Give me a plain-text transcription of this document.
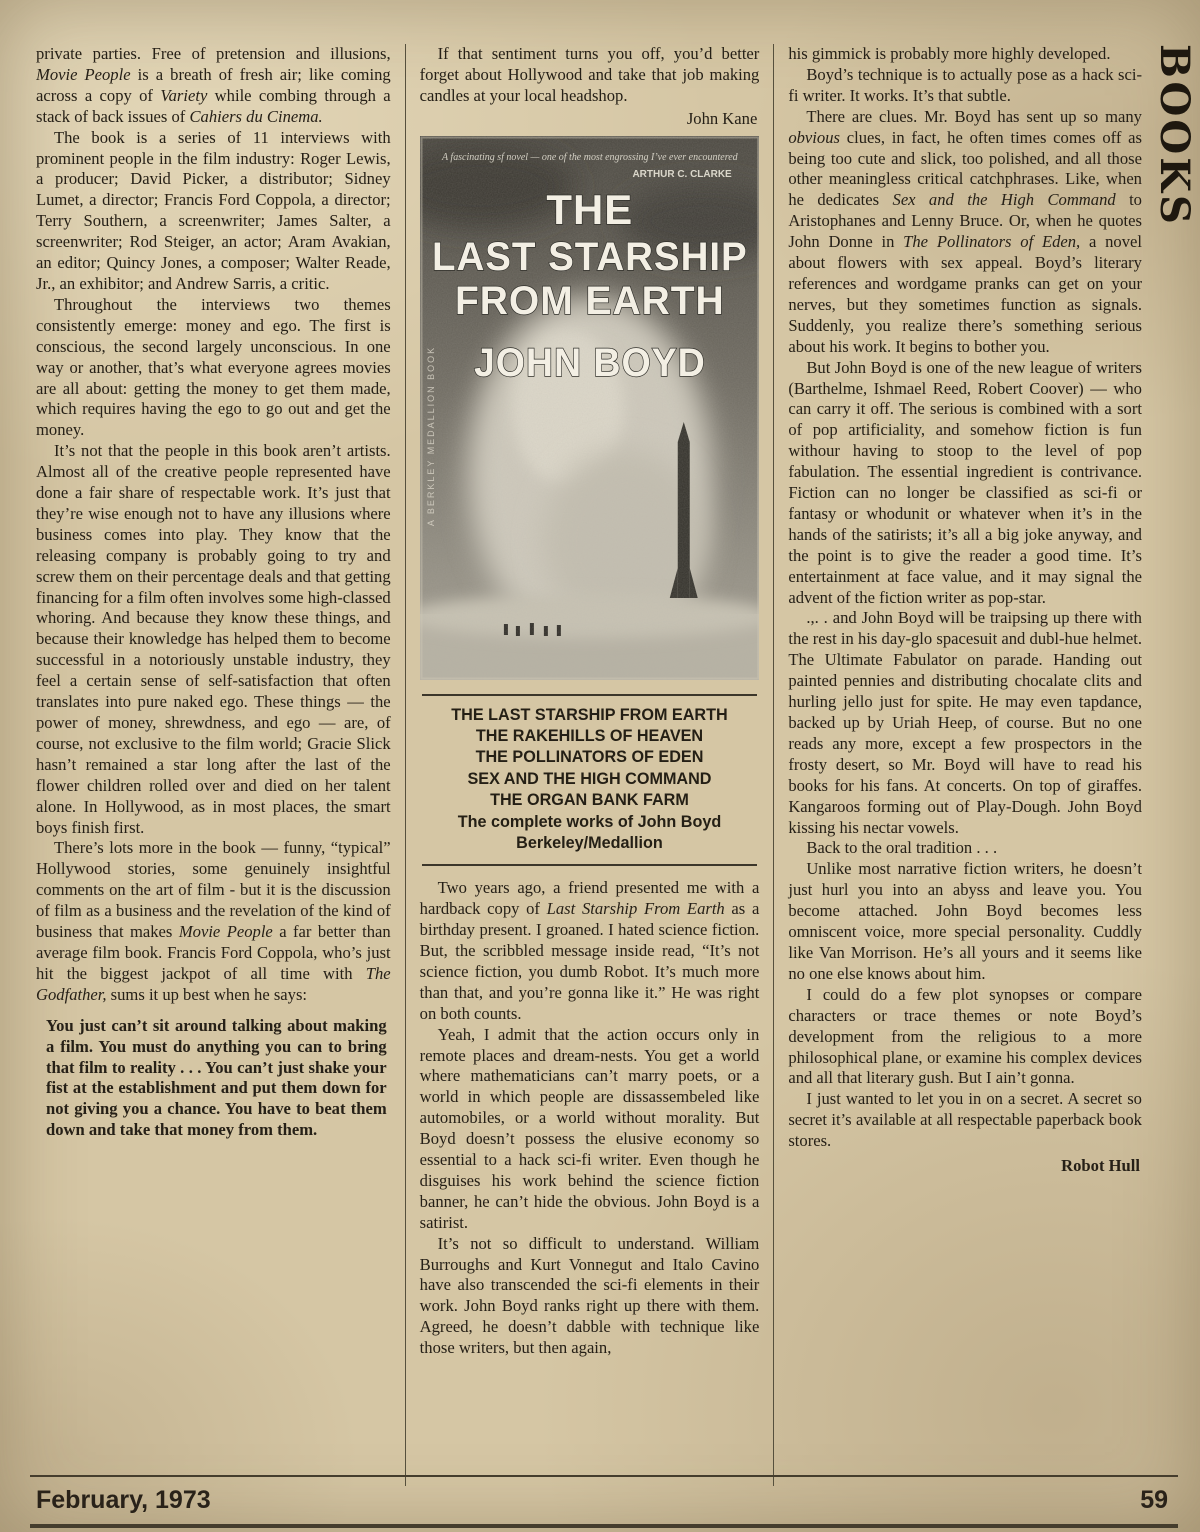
BOOKS

private parties. Free of pretension and illusions, Movie People is a breath of fresh air; like coming across a copy of Variety while combing through a stack of back issues of Cahiers du Cinema.

The book is a series of 11 interviews with prominent people in the film industry: Roger Lewis, a producer; David Picker, a distributor; Sidney Lumet, a director; Francis Ford Coppola, a director; Terry Southern, a screenwriter; James Salter, a screenwriter; Rod Steiger, an actor; Aram Avakian, an editor; Quincy Jones, a composer; Walter Reade, Jr., an exhibitor; and Andrew Sarris, a critic.

Throughout the interviews two themes consistently emerge: money and ego. The first is conscious, the second largely unconscious. In one way or another, that’s what everyone agrees movies are all about: getting the money to get them made, which requires having the ego to go out and get the money.

It’s not that the people in this book aren’t artists. Almost all of the creative people represented have done a fair share of respectable work. It’s just that they’re wise enough not to have any illusions where business comes into play. They know that the releasing company is probably going to try and screw them on their percentage deals and that getting financing for a film often involves some high-classed whoring. And because they know these things, and because their knowledge has helped them to become successful in a notoriously unstable industry, they feel a certain sense of self-satisfaction that often translates into pure naked ego. These things — the power of money, shrewdness, and ego — are, of course, not exclusive to the film world; Gracie Slick hasn’t remained a star long after the last of the flower children rolled over and died on her talent alone. In Hollywood, as in most places, the smart boys finish first.

There’s lots more in the book — funny, “typical” Hollywood stories, some genuinely insightful comments on the art of film - but it is the discussion of film as a business and the revelation of the kind of business that makes Movie People a far better than average film book. Francis Ford Coppola, who’s just hit the biggest jackpot of all time with The Godfather, sums it up best when he says:

You just can’t sit around talking about making a film. You must do anything you can to bring that film to reality . . . You can’t just shake your fist at the establishment and put them down for not giving you a chance. You have to beat them down and take that money from them.

If that sentiment turns you off, you’d better forget about Hollywood and take that job making candles at your local headshop.

John Kane

A fascinating sf novel — one of the most engrossing I’ve ever encountered
ARTHUR C. CLARKE
THE
LAST STARSHIP
FROM EARTH
JOHN BOYD
A BERKLEY MEDALLION BOOK
THE LAST STARSHIP FROM EARTH
THE RAKEHILLS OF HEAVEN
THE POLLINATORS OF EDEN
SEX AND THE HIGH COMMAND
THE ORGAN BANK FARM
The complete works of John Boyd
Berkeley/Medallion

Two years ago, a friend presented me with a hardback copy of Last Starship From Earth as a birthday present. I groaned. I hated science fiction. But, the scribbled message inside read, “It’s not science fiction, you dumb Robot. It’s much more than that, and you’re gonna like it.” He was right on both counts.

Yeah, I admit that the action occurs only in remote places and dream-nests. You get a world where mathematicians can’t marry poets, or a world in which people are dissassembeled like automobiles, or a world without morality. But Boyd doesn’t possess the elusive economy so essential to a hack sci-fi writer. Even though he disguises his work behind the science fiction banner, he can’t hide the obvious. John Boyd is a satirist.

It’s not so difficult to understand. William Burroughs and Kurt Vonnegut and Italo Cavino have also transcended the sci-fi elements in their work. John Boyd ranks right up there with them. Agreed, he doesn’t dabble with technique like those writers, but then again,

his gimmick is probably more highly developed.

Boyd’s technique is to actually pose as a hack sci-fi writer. It works. It’s that subtle.

There are clues. Mr. Boyd has sent up so many obvious clues, in fact, he often times comes off as being too cute and slick, too polished, and all those other meaningless critical catchphrases. Like, when he dedicates Sex and the High Command to Aristophanes and Lenny Bruce. Or, when he quotes John Donne in The Pollinators of Eden, a novel about flowers with sex appeal. Boyd’s literary references and wordgame pranks can get on your nerves, but they sometimes function as signals. Suddenly, you realize there’s something serious about his work. It begins to bother you.

But John Boyd is one of the new league of writers (Barthelme, Ishmael Reed, Robert Coover) — who can carry it off. The serious is combined with a sort of pop artificiality, and somehow fiction is fun withour having to stoop to the level of pop fabulation. The essential ingredient is contrivance. Fiction can no longer be classified as sci-fi or fantasy or whodunit or whatever when it’s in the hands of the satirists; it’s all a big joke anyway, and the point is to give the reader a good time. It’s entertainment at face value, and it may signal the advent of the fiction writer as pop-star.

.,. . and John Boyd will be traipsing up there with the rest in his day-glo spacesuit and dubl-hue helmet. The Ultimate Fabulator on parade. Handing out painted pennies and distributing chocalate clits and hurling jello just for spite. He may even tapdance, backed up by Uriah Heep, of course. But no one reads any more, except a few prospectors in the frosty desert, so Mr. Boyd will have to read his books for his fans. At concerts. On top of giraffes. Kangaroos forming out of Play-Dough. John Boyd kissing his nectar vowels.

Back to the oral tradition . . .

Unlike most narrative fiction writers, he doesn’t just hurl you into an abyss and leave you. You become attached. John Boyd becomes less omniscent voice, more special personality. Cuddly like Van Morrison. He’s all yours and it seems like no one else knows about him.

I could do a few plot synopses or compare characters or trace themes or note Boyd’s development from the religious to a more philosophical plane, or examine his complex devices and all that literary gush. But I ain’t gonna.

I just wanted to let you in on a secret. A secret so secret it’s available at all respectable paperback book stores.

Robot Hull

February, 1973	59
